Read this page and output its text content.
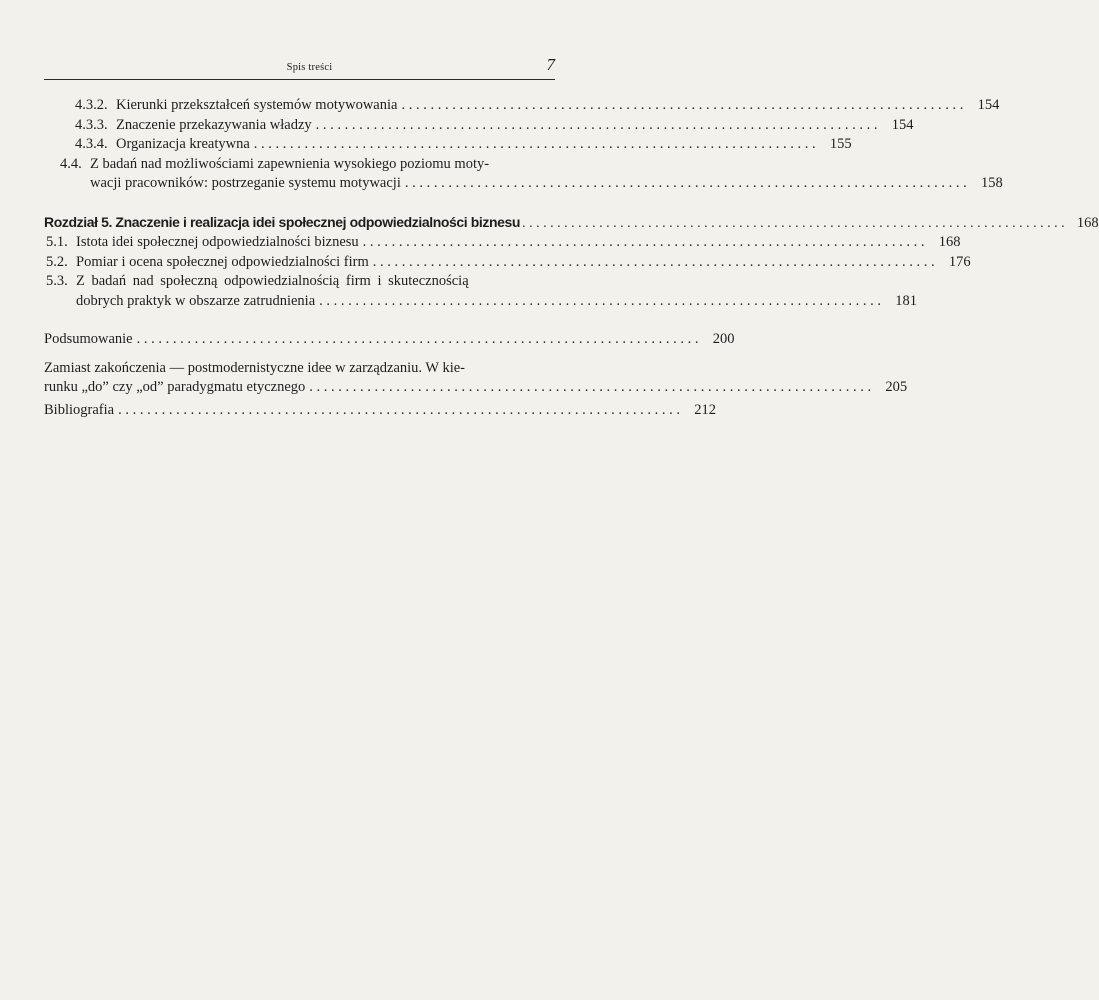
Spis treści	7
4.3.2. Kierunki przekształceń systemów motywowania . . .	154
4.3.3. Znaczenie przekazywania władzy . . .	154
4.3.4. Organizacja kreatywna . . .	155
4.4. Z badań nad możliwościami zapewnienia wysokiego poziomu moty-
wacji pracowników: postrzeganie systemu motywacji . . .	158
Rozdział 5. Znaczenie i realizacja idei społecznej odpowiedzialności biznesu . . .	168
5.1. Istota idei społecznej odpowiedzialności biznesu . . .	168
5.2. Pomiar i ocena społecznej odpowiedzialności firm . . .	176
5.3. Z badań nad społeczną odpowiedzialnością firm i skutecznością
dobrych praktyk w obszarze zatrudnienia . . .	181
Podsumowanie . . .	200
Zamiast zakończenia — postmodernistyczne idee w zarządzaniu. W kie-
runku „do” czy „od” paradygmatu etycznego . . .	205
Bibliografia . . .	212
